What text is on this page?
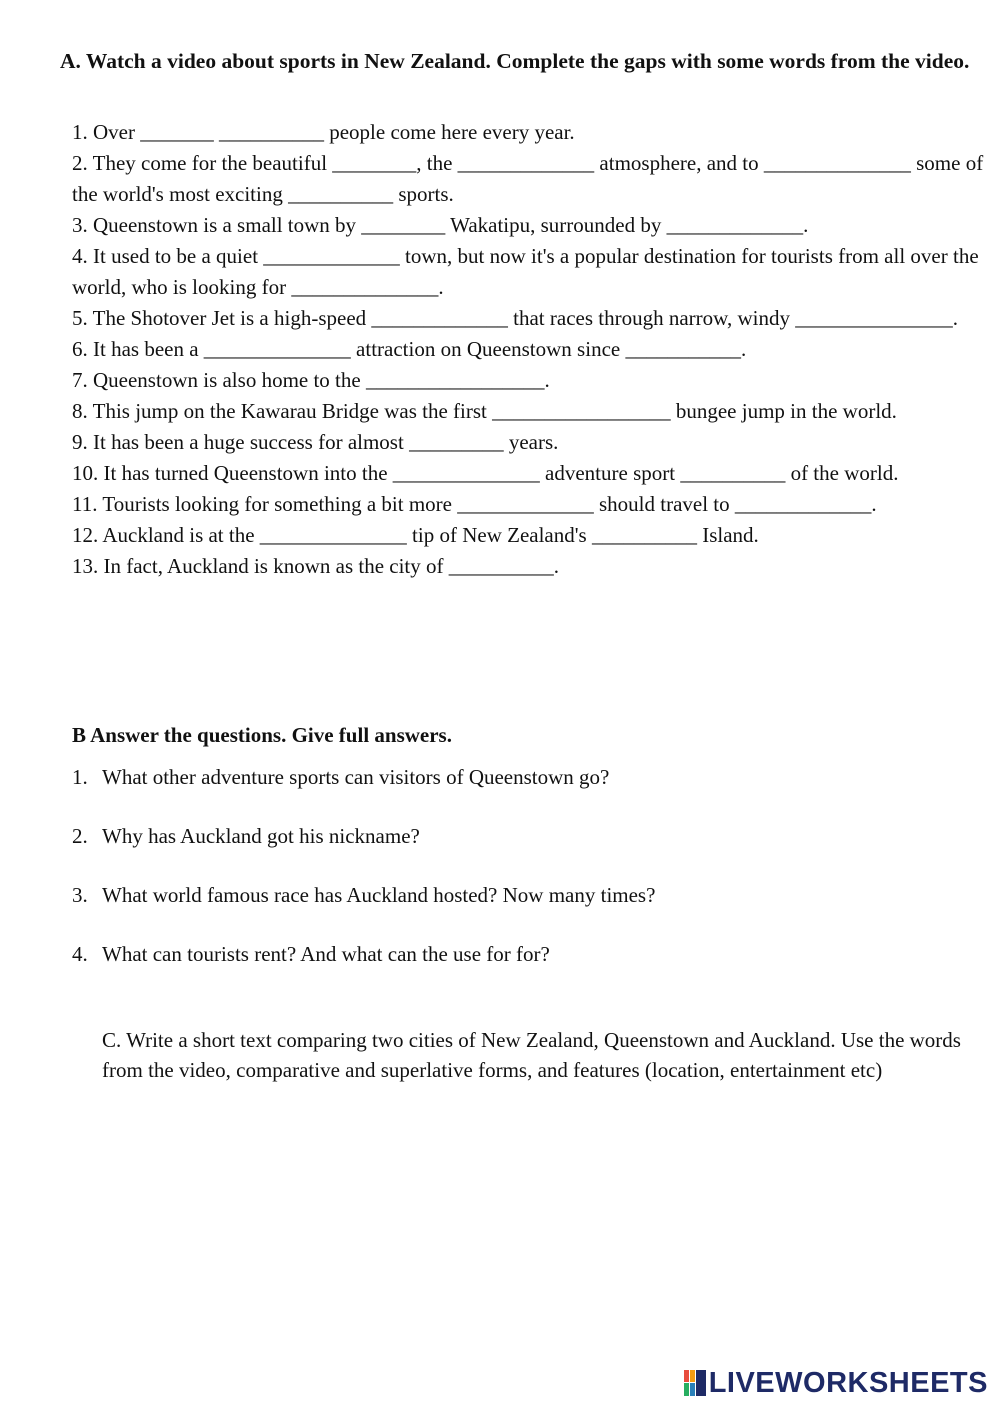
A. Watch a video about sports in New Zealand. Complete the gaps with some words from the video.
1. Over _______ __________ people come here every year.
2. They come for the beautiful ________, the _____________ atmosphere, and to ______________ some of the world's most exciting __________ sports.
3. Queenstown is a small town by ________ Wakatipu, surrounded by _____________.
4. It used to be a quiet _____________ town, but now it's a popular destination for tourists from all over the world, who is looking for ______________.
5. The Shotover Jet is a high-speed _____________ that races through narrow, windy _______________.
6. It has been a ______________ attraction on Queenstown since ___________.
7. Queenstown is also home to the _________________.
8. This jump on the Kawarau Bridge was the first _________________ bungee jump in the world.
9. It has been a huge success for almost _________ years.
10. It has turned Queenstown into the ______________ adventure sport __________ of the world.
11. Tourists looking for something a bit more _____________ should travel to _____________.
12. Auckland is at the ______________ tip of New Zealand's __________ Island.
13. In fact, Auckland is known as the city of __________.
B Answer the questions. Give full answers.
1. What other adventure sports can visitors of Queenstown go?
2. Why has Auckland got his nickname?
3. What world famous race has Auckland hosted? Now many times?
4. What can tourists rent? And what can the use for for?

C. Write a short text comparing two cities of New Zealand, Queenstown and Auckland. Use the words from the video, comparative and superlative forms, and features (location, entertainment etc)

LIVEWORKSHEETS
